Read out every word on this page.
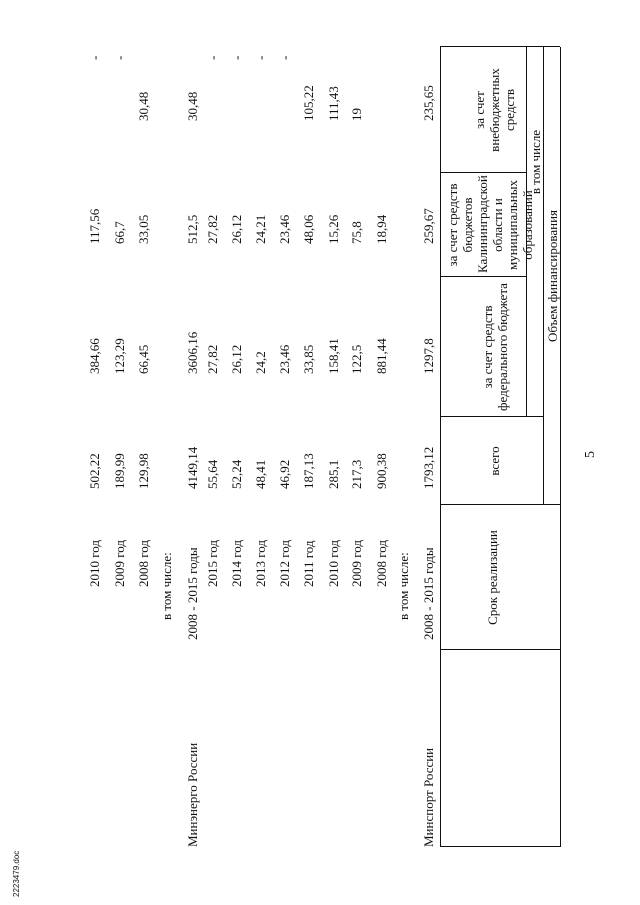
5
Срок реализации
Объем финансирования
всего
за счет средств федерального бюджета
в том числе
за счет средств бюджетов Калининградской области и муниципальных образований
за счет внебюджетных средств
Минспорт России
2008 - 2015 годы
1793,12
1297,8
259,67
235,65
в том числе:
2008 год
900,38
881,44
18,94
2009 год
217,3
122,5
75,8
19
2010 год
285,1
158,41
15,26
111,43
2011 год
187,13
33,85
48,06
105,22
2012 год
46,92
23,46
23,46
-
2013 год
48,41
24,2
24,21
-
2014 год
52,24
26,12
26,12
-
2015 год
55,64
27,82
27,82
-
Минэнерго России
2008 - 2015 годы
4149,14
3606,16
512,5
30,48
в том числе:
2008 год
129,98
66,45
33,05
30,48
2009 год
189,99
123,29
66,7
-
2010 год
502,22
384,66
117,56
-
2223479.doc
